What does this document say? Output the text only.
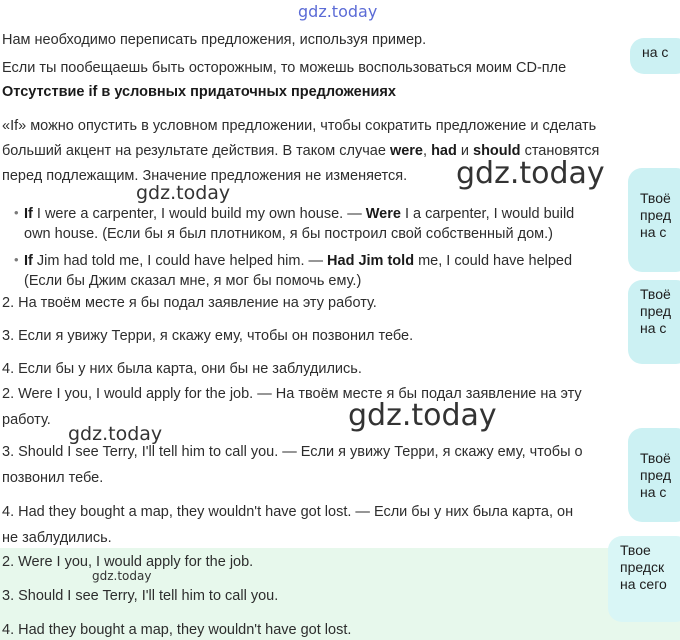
на с
Твоё
пред
на с
Твоё
пред
на с
Твоё
пред
на с
Твое
предск
на сего
gdz.today
gdz.today
gdz.today
gdz.today
gdz.today
gdz.today
Нам необходимо переписать предложения, используя пример.
Если ты пообещаешь быть осторожным, то можешь воспользоваться моим CD-пле
Отсутствие if в условных придаточных предложениях
«If» можно опустить в условном предложении, чтобы сократить предложение и сделать
больший акцент на результате действия. В таком случае were, had и should становятся
перед подлежащим. Значение предложения не изменяется.
• If I were a carpenter, I would build my own house. — Were I a carpenter, I would build
own house. (Если бы я был плотником, я бы построил свой собственный дом.)
• If Jim had told me, I could have helped him. — Had Jim told me, I could have helped
(Если бы Джим сказал мне, я мог бы помочь ему.)
2. На твоём месте я бы подал заявление на эту работу.
3. Если я увижу Терри, я скажу ему, чтобы он позвонил тебе.
4. Если бы у них была карта, они бы не заблудились.
2. Were I you, I would apply for the job. — На твоём месте я бы подал заявление на эту
работу.
3. Should I see Terry, I'll tell him to call you. — Если я увижу Терри, я скажу ему, чтобы о
позвонил тебе.
4. Had they bought a map, they wouldn't have got lost. — Если бы у них была карта, он
не заблудились.
2. Were I you, I would apply for the job.
3. Should I see Terry, I'll tell him to call you.
4. Had they bought a map, they wouldn't have got lost.
